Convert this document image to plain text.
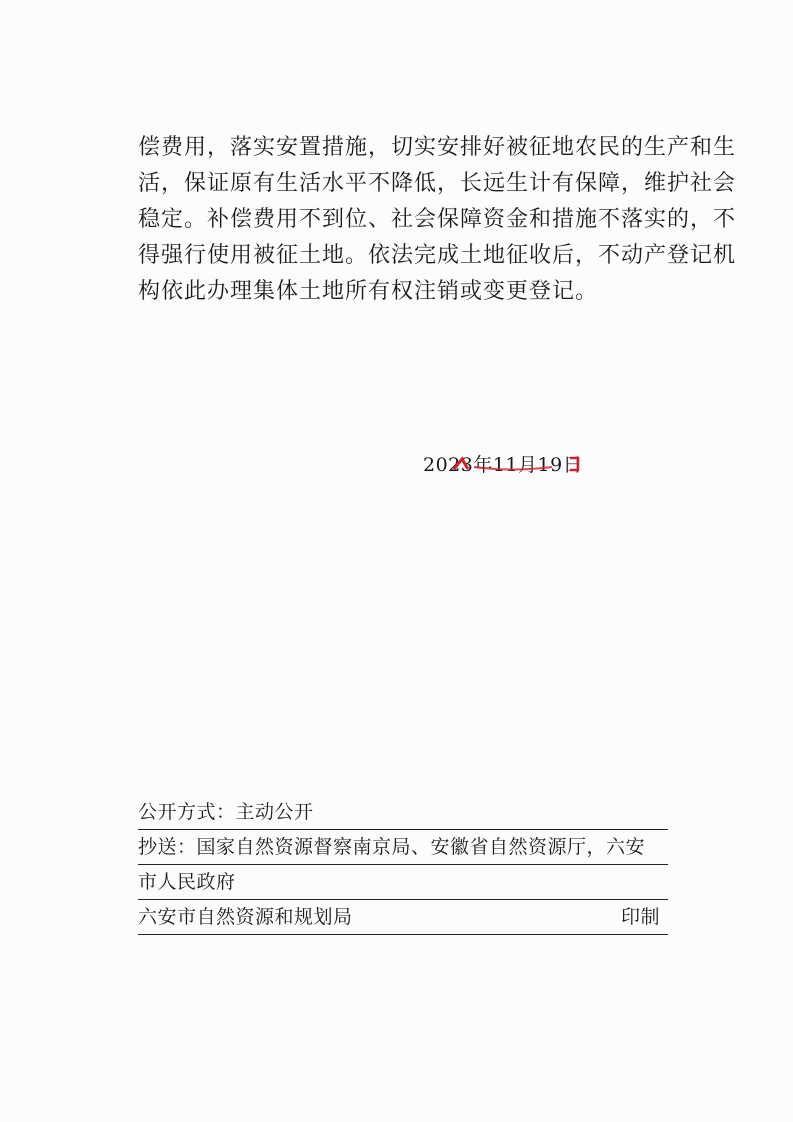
偿费用，落实安置措施，切实安排好被征地农民的生产和生
活，保证原有生活水平不降低，长远生计有保障，维护社会
稳定。补偿费用不到位、社会保障资金和措施不落实的，不
得强行使用被征土地。依法完成土地征收后，不动产登记机
构依此办理集体土地所有权注销或变更登记。
2023年11月19日
公开方式：主动公开
抄送：国家自然资源督察南京局、安徽省自然资源厅，六安
市人民政府
六安市自然资源和规划局	印制
